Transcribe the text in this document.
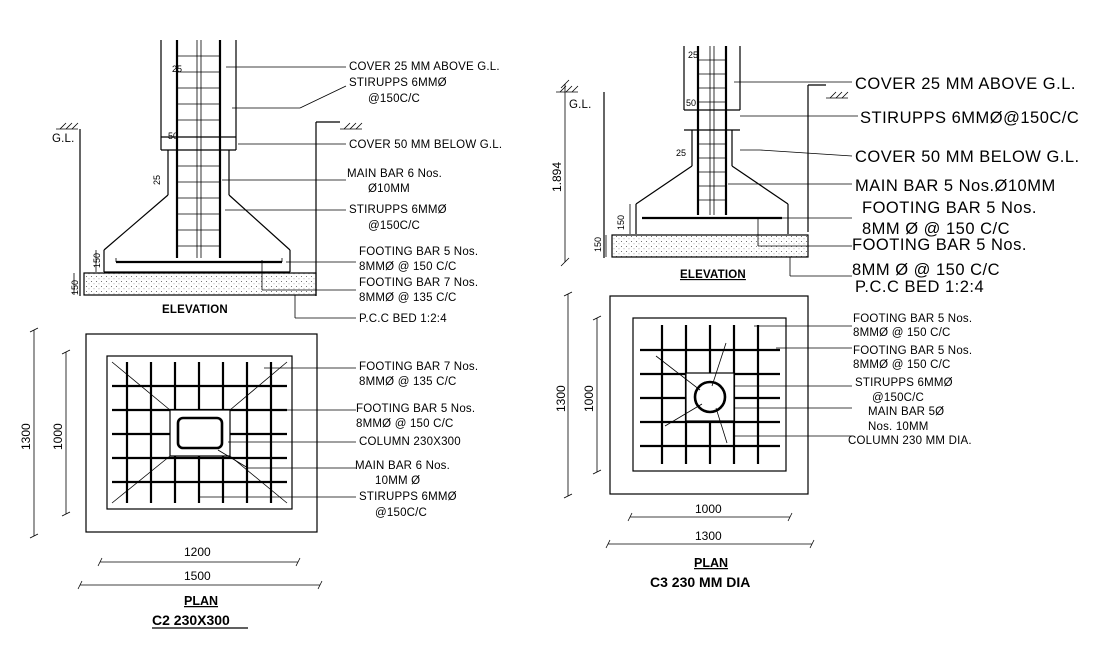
G.L.
25
50
25
150
150
COVER 25 MM ABOVE G.L.
STIRUPPS 6MMØ
@150C/C
COVER 50 MM BELOW G.L.
MAIN BAR 6 Nos.
Ø10MM
STIRUPPS 6MMØ
@150C/C
FOOTING BAR 5 Nos.
8MMØ @ 150 C/C
FOOTING BAR 7 Nos.
8MMØ @ 135 C/C
P.C.C BED 1:2:4
ELEVATION
1200
1500
1000
1300
FOOTING BAR 7 Nos.
8MMØ @ 135 C/C
FOOTING BAR 5 Nos.
8MMØ @ 150 C/C
COLUMN 230X300
MAIN BAR 6 Nos.
10MM Ø
STIRUPPS 6MMØ
@150C/C
PLAN
C2 230X300
G.L.
1.894
25
50
25
150
150
COVER 25 MM ABOVE G.L.
STIRUPPS 6MMØ@150C/C
COVER 50 MM BELOW G.L.
MAIN BAR 5 Nos.Ø10MM
FOOTING BAR 5 Nos.
8MM Ø @ 150 C/C
FOOTING BAR 5 Nos.
8MM Ø @ 150 C/C
P.C.C BED 1:2:4
ELEVATION
1000
1300
1000
1300
FOOTING BAR 5 Nos.
8MMØ @ 150 C/C
FOOTING BAR 5 Nos.
8MMØ @ 150 C/C
STIRUPPS 6MMØ
@150C/C
MAIN BAR 5Ø
Nos. 10MM
COLUMN 230 MM DIA.
PLAN
C3 230 MM DIA
